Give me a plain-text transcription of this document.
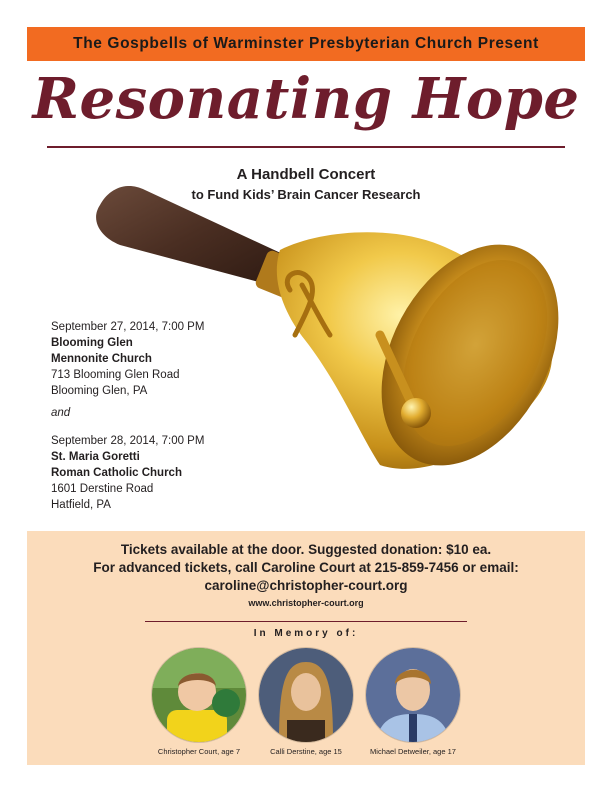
The Gospbells of Warminster Presbyterian Church Present
Resonating Hope
A Handbell Concert
to Fund Kids’ Brain Cancer Research
September 27, 2014, 7:00 PM
Blooming Glen
Mennonite Church
713 Blooming Glen Road
Blooming Glen, PA
and
September 28, 2014, 7:00 PM
St. Maria Goretti
Roman Catholic Church
1601 Derstine Road
Hatfield, PA
Tickets available at the door. Suggested donation: $10 ea.
For advanced tickets, call Caroline Court at 215-859-7456 or email:
caroline@christopher-court.org
www.christopher-court.org
In Memory of:
Christopher Court, age 7	Calli Derstine, age 15	Michael Detweiler, age 17
